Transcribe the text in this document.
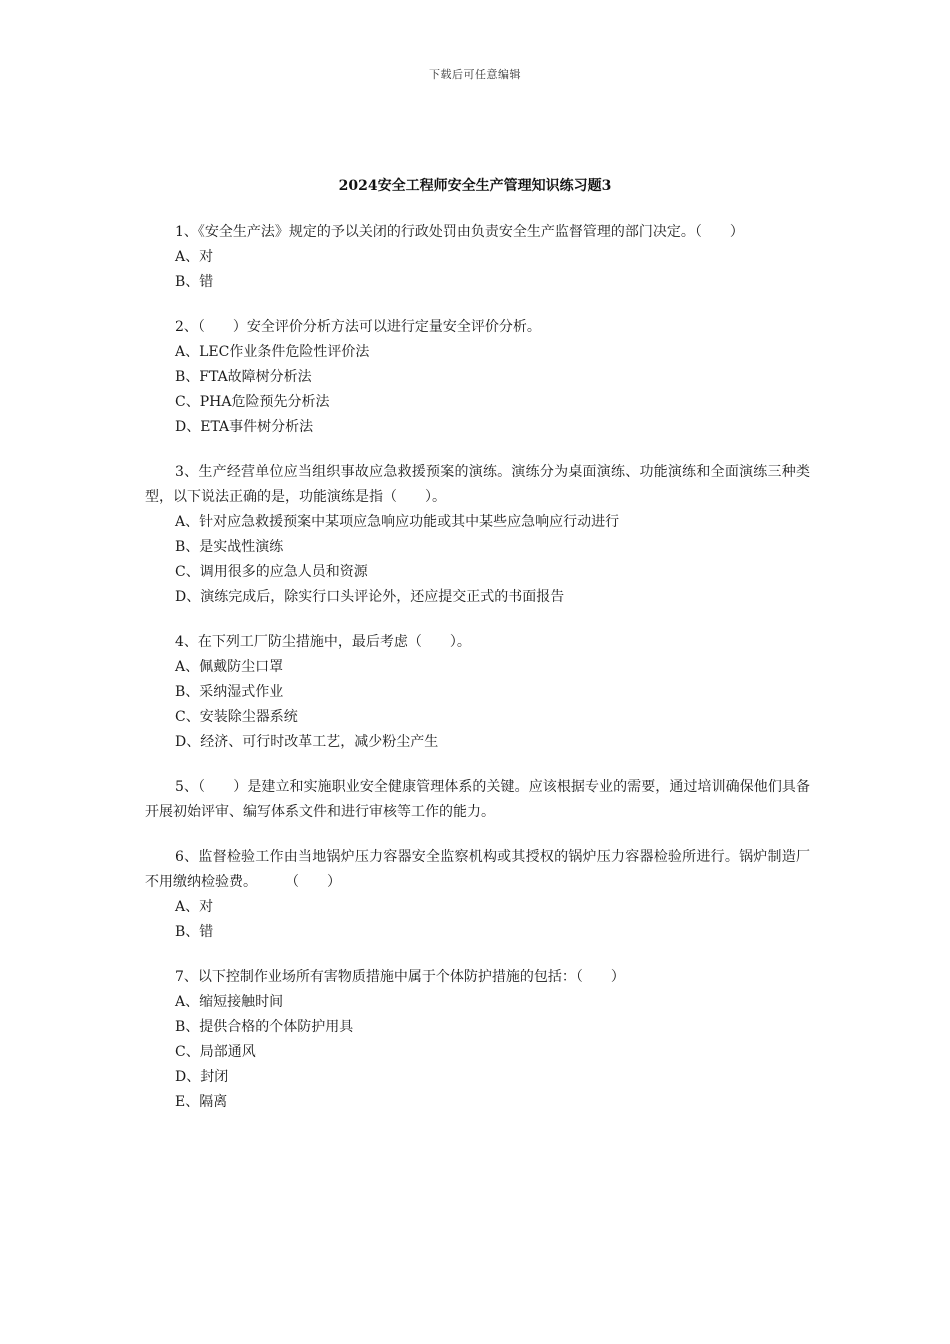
下载后可任意编辑
2024安全工程师安全生产管理知识练习题3

1、《安全生产法》规定的予以关闭的行政处罚由负责安全生产监督管理的部门决定。（　　）

A、对

B、错

2、（　　）安全评价分析方法可以进行定量安全评价分析。

A、LEC作业条件危险性评价法

B、FTA故障树分析法

C、PHA危险预先分析法

D、ETA事件树分析法

3、生产经营单位应当组织事故应急救援预案的演练。演练分为桌面演练、功能演练和全面演练三种类型，以下说法正确的是，功能演练是指（　　）。

A、针对应急救援预案中某项应急响应功能或其中某些应急响应行动进行

B、是实战性演练

C、调用很多的应急人员和资源

D、演练完成后，除实行口头评论外，还应提交正式的书面报告

4、在下列工厂防尘措施中，最后考虑（　　）。

A、佩戴防尘口罩

B、采纳湿式作业

C、安装除尘器系统

D、经济、可行时改革工艺，减少粉尘产生

5、（　　）是建立和实施职业安全健康管理体系的关键。应该根据专业的需要，通过培训确保他们具备开展初始评审、编写体系文件和进行审核等工作的能力。

6、监督检验工作由当地锅炉压力容器安全监察机构或其授权的锅炉压力容器检验所进行。锅炉制造厂不用缴纳检验费。　　　（　　）

A、对

B、错

7、以下控制作业场所有害物质措施中属于个体防护措施的包括：（　　）

A、缩短接触时间

B、提供合格的个体防护用具

C、局部通风

D、封闭

E、隔离
